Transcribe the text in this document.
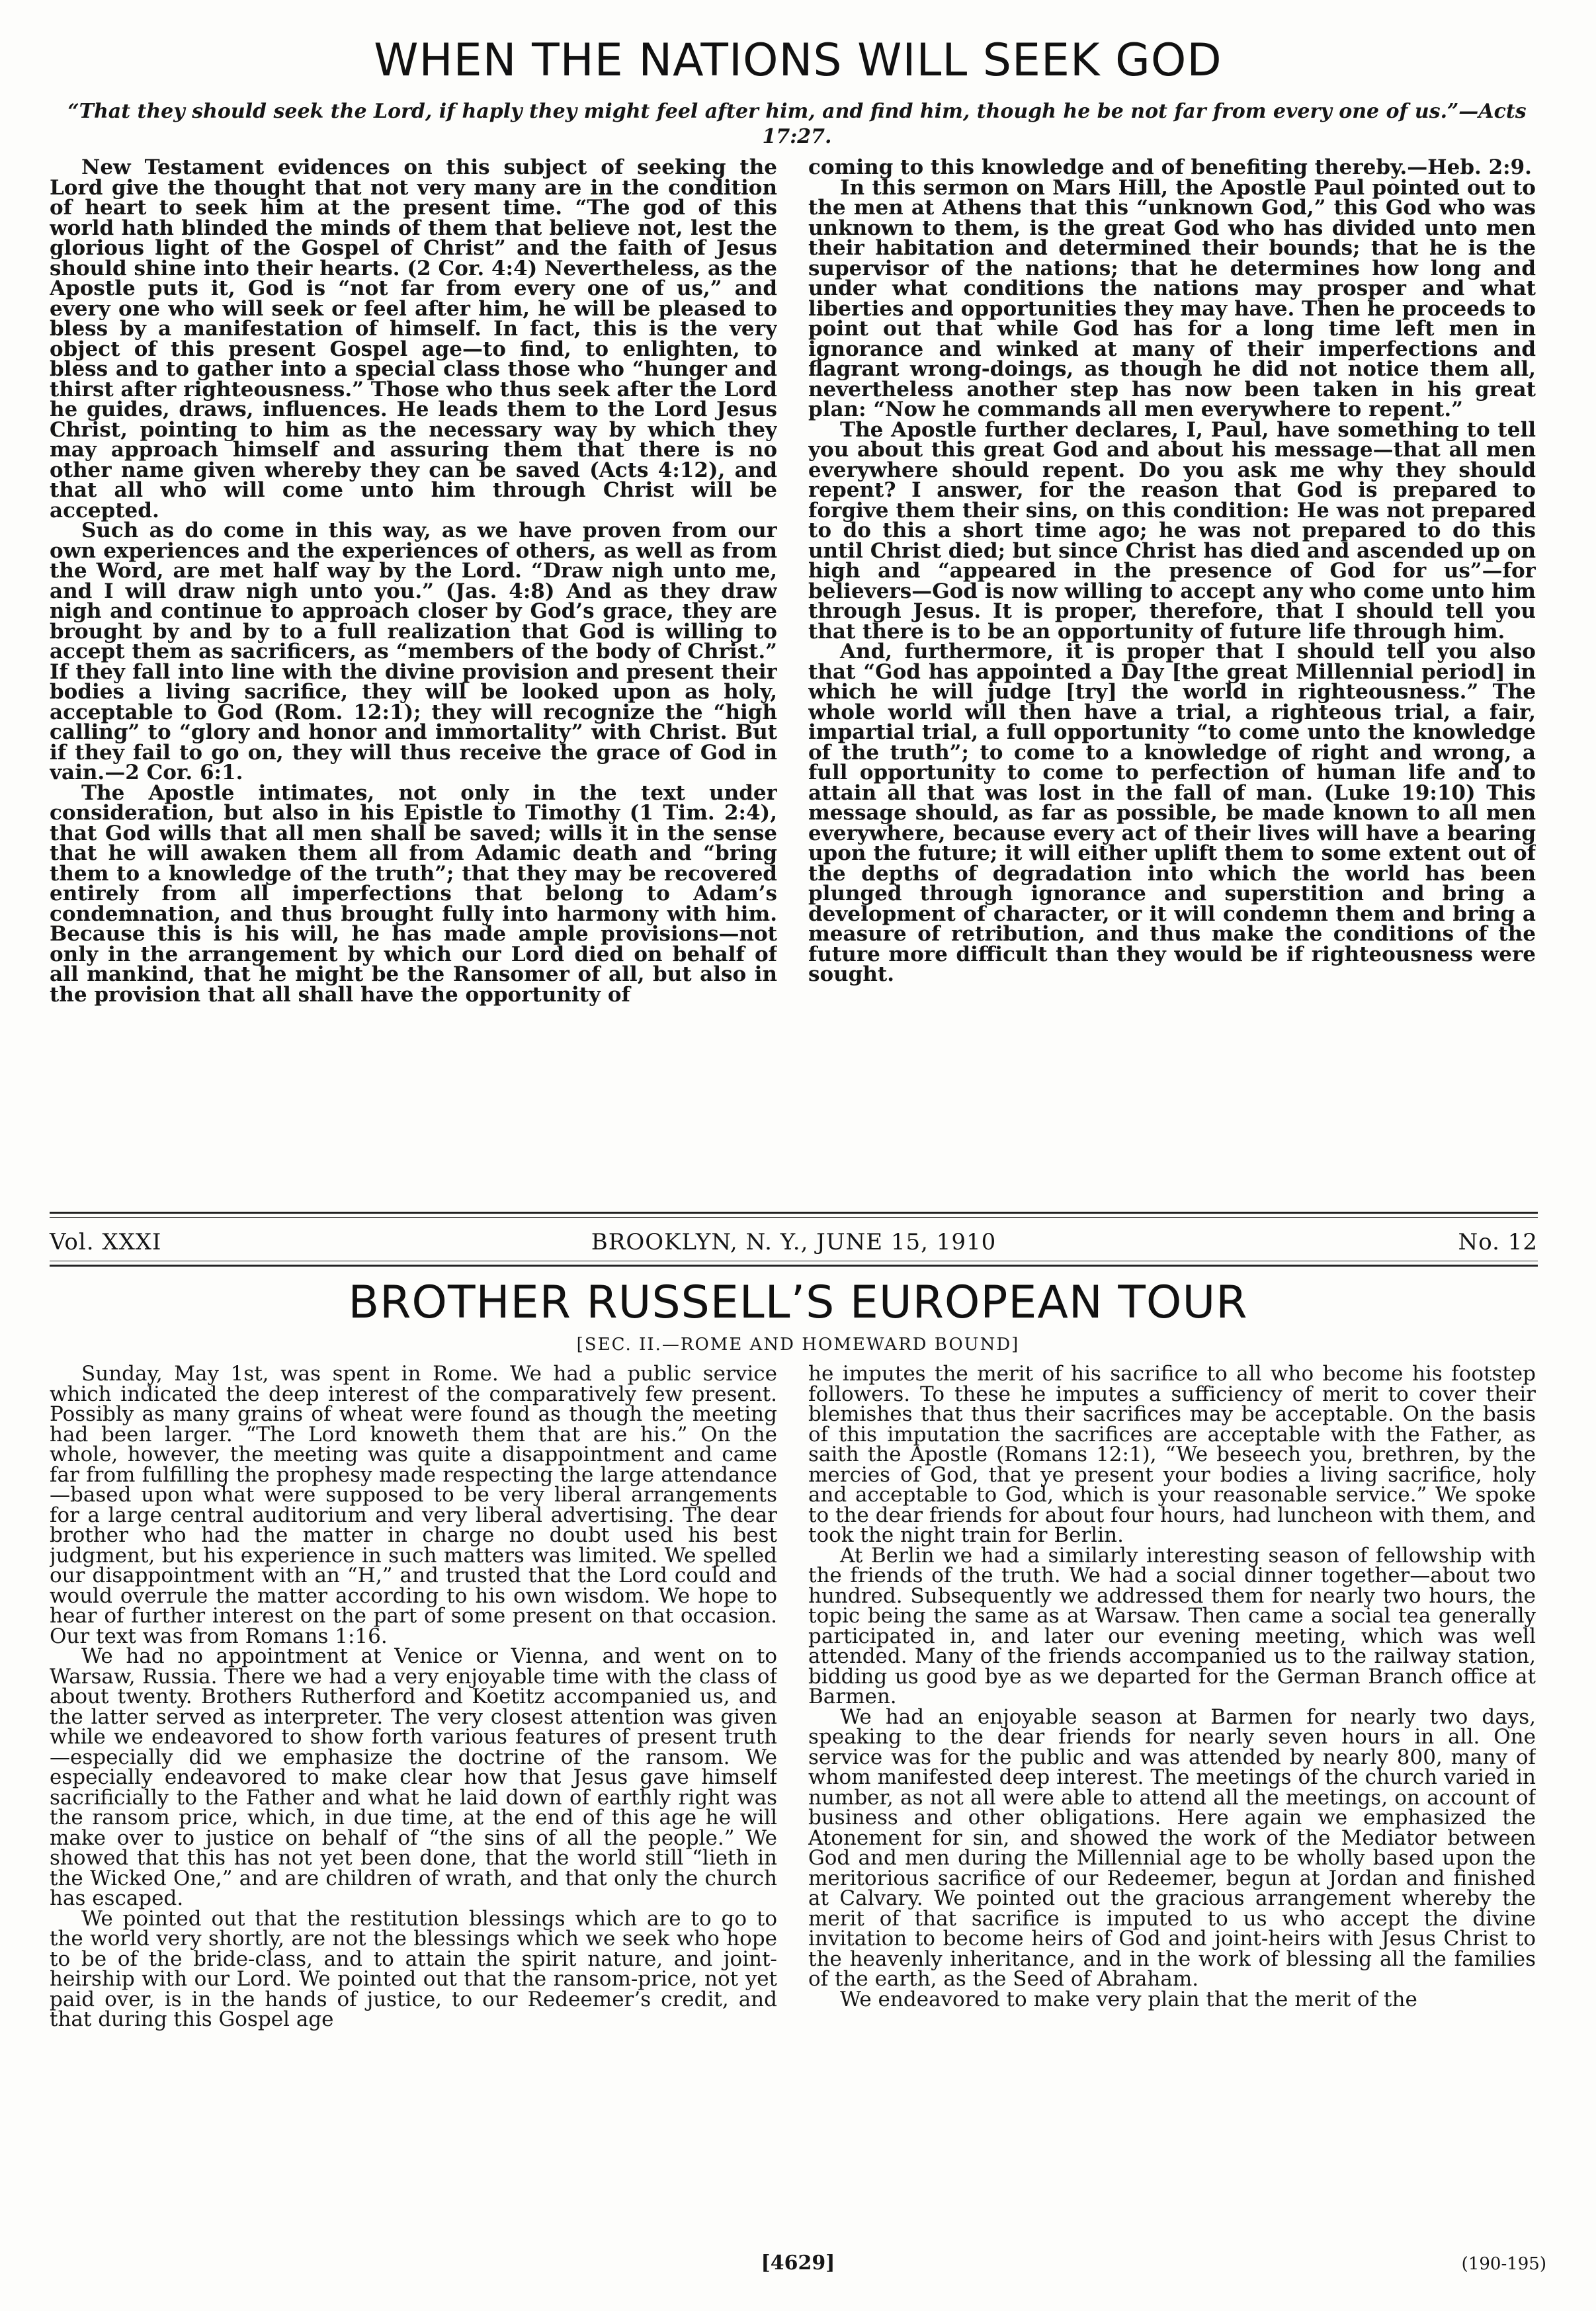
WHEN THE NATIONS WILL SEEK GOD

“That they should seek the Lord, if haply they might feel after him, and find him, though he be not far from every one of us.”—Acts 17:27.

New Testament evidences on this subject of seeking the Lord give the thought that not very many are in the condition of heart to seek him at the present time. “The god of this world hath blinded the minds of them that believe not, lest the glorious light of the Gospel of Christ” and the faith of Jesus should shine into their hearts. (2 Cor. 4:4) Nevertheless, as the Apostle puts it, God is “not far from every one of us,” and every one who will seek or feel after him, he will be pleased to bless by a manifestation of himself. In fact, this is the very object of this present Gospel age—to find, to enlighten, to bless and to gather into a special class those who “hunger and thirst after righteousness.” Those who thus seek after the Lord he guides, draws, influences. He leads them to the Lord Jesus Christ, pointing to him as the necessary way by which they may approach himself and assuring them that there is no other name given whereby they can be saved (Acts 4:12), and that all who will come unto him through Christ will be accepted.

Such as do come in this way, as we have proven from our own experiences and the experiences of others, as well as from the Word, are met half way by the Lord. “Draw nigh unto me, and I will draw nigh unto you.” (Jas. 4:8) And as they draw nigh and continue to approach closer by God’s grace, they are brought by and by to a full realization that God is willing to accept them as sacrificers, as “members of the body of Christ.” If they fall into line with the divine provision and present their bodies a living sacrifice, they will be looked upon as holy, acceptable to God (Rom. 12:1); they will recognize the “high calling” to “glory and honor and immortality” with Christ. But if they fail to go on, they will thus receive the grace of God in vain.—2 Cor. 6:1.

The Apostle intimates, not only in the text under consideration, but also in his Epistle to Timothy (1 Tim. 2:4), that God wills that all men shall be saved; wills it in the sense that he will awaken them all from Adamic death and “bring them to a knowledge of the truth”; that they may be recovered entirely from all imperfections that belong to Adam’s condemnation, and thus brought fully into harmony with him. Because this is his will, he has made ample provisions—not only in the arrangement by which our Lord died on behalf of all mankind, that he might be the Ransomer of all, but also in the provision that all shall have the opportunity of

coming to this knowledge and of benefiting thereby.—Heb. 2:9.

In this sermon on Mars Hill, the Apostle Paul pointed out to the men at Athens that this “unknown God,” this God who was unknown to them, is the great God who has divided unto men their habitation and determined their bounds; that he is the supervisor of the nations; that he determines how long and under what conditions the nations may prosper and what liberties and opportunities they may have. Then he proceeds to point out that while God has for a long time left men in ignorance and winked at many of their imperfections and flagrant wrong-doings, as though he did not notice them all, nevertheless another step has now been taken in his great plan: “Now he commands all men everywhere to repent.”

The Apostle further declares, I, Paul, have something to tell you about this great God and about his message—that all men everywhere should repent. Do you ask me why they should repent? I answer, for the reason that God is prepared to forgive them their sins, on this condition: He was not prepared to do this a short time ago; he was not prepared to do this until Christ died; but since Christ has died and ascended up on high and “appeared in the presence of God for us”—for believers—God is now willing to accept any who come unto him through Jesus. It is proper, therefore, that I should tell you that there is to be an opportunity of future life through him.

And, furthermore, it is proper that I should tell you also that “God has appointed a Day [the great Millennial period] in which he will judge [try] the world in righteousness.” The whole world will then have a trial, a righteous trial, a fair, impartial trial, a full opportunity “to come unto the knowledge of the truth”; to come to a knowledge of right and wrong, a full opportunity to come to perfection of human life and to attain all that was lost in the fall of man. (Luke 19:10) This message should, as far as possible, be made known to all men everywhere, because every act of their lives will have a bearing upon the future; it will either uplift them to some extent out of the depths of degradation into which the world has been plunged through ignorance and superstition and bring a development of character, or it will condemn them and bring a measure of retribution, and thus make the conditions of the future more difficult than they would be if righteousness were sought.

Vol. XXXI	BROOKLYN, N. Y., JUNE 15, 1910	No. 12
BROTHER RUSSELL’S EUROPEAN TOUR

[SEC. II.—ROME AND HOMEWARD BOUND]

Sunday, May 1st, was spent in Rome. We had a public service which indicated the deep interest of the comparatively few present. Possibly as many grains of wheat were found as though the meeting had been larger. “The Lord knoweth them that are his.” On the whole, however, the meeting was quite a disappointment and came far from fulfilling the prophesy made respecting the large attendance—based upon what were supposed to be very liberal arrangements for a large central auditorium and very liberal advertising. The dear brother who had the matter in charge no doubt used his best judgment, but his experience in such matters was limited. We spelled our disappointment with an “H,” and trusted that the Lord could and would overrule the matter according to his own wisdom. We hope to hear of further interest on the part of some present on that occasion. Our text was from Romans 1:16.

We had no appointment at Venice or Vienna, and went on to Warsaw, Russia. There we had a very enjoyable time with the class of about twenty. Brothers Rutherford and Koetitz accompanied us, and the latter served as interpreter. The very closest attention was given while we endeavored to show forth various features of present truth—especially did we emphasize the doctrine of the ransom. We especially endeavored to make clear how that Jesus gave himself sacrificially to the Father and what he laid down of earthly right was the ransom price, which, in due time, at the end of this age he will make over to justice on behalf of “the sins of all the people.” We showed that this has not yet been done, that the world still “lieth in the Wicked One,” and are children of wrath, and that only the church has escaped.

We pointed out that the restitution blessings which are to go to the world very shortly, are not the blessings which we seek who hope to be of the bride-class, and to attain the spirit nature, and joint-heirship with our Lord. We pointed out that the ransom-price, not yet paid over, is in the hands of justice, to our Redeemer’s credit, and that during this Gospel age

he imputes the merit of his sacrifice to all who become his footstep followers. To these he imputes a sufficiency of merit to cover their blemishes that thus their sacrifices may be acceptable. On the basis of this imputation the sacrifices are acceptable with the Father, as saith the Apostle (Romans 12:1), “We beseech you, brethren, by the mercies of God, that ye present your bodies a living sacrifice, holy and acceptable to God, which is your reasonable service.” We spoke to the dear friends for about four hours, had luncheon with them, and took the night train for Berlin.

At Berlin we had a similarly interesting season of fellowship with the friends of the truth. We had a social dinner together—about two hundred. Subsequently we addressed them for nearly two hours, the topic being the same as at Warsaw. Then came a social tea generally participated in, and later our evening meeting, which was well attended. Many of the friends accompanied us to the railway station, bidding us good bye as we departed for the German Branch office at Barmen.

We had an enjoyable season at Barmen for nearly two days, speaking to the dear friends for nearly seven hours in all. One service was for the public and was attended by nearly 800, many of whom manifested deep interest. The meetings of the church varied in number, as not all were able to attend all the meetings, on account of business and other obligations. Here again we emphasized the Atonement for sin, and showed the work of the Mediator between God and men during the Millennial age to be wholly based upon the meritorious sacrifice of our Redeemer, begun at Jordan and finished at Calvary. We pointed out the gracious arrangement whereby the merit of that sacrifice is imputed to us who accept the divine invitation to become heirs of God and joint-heirs with Jesus Christ to the heavenly inheritance, and in the work of blessing all the families of the earth, as the Seed of Abraham.

We endeavored to make very plain that the merit of the

[4629]	(190-195)
